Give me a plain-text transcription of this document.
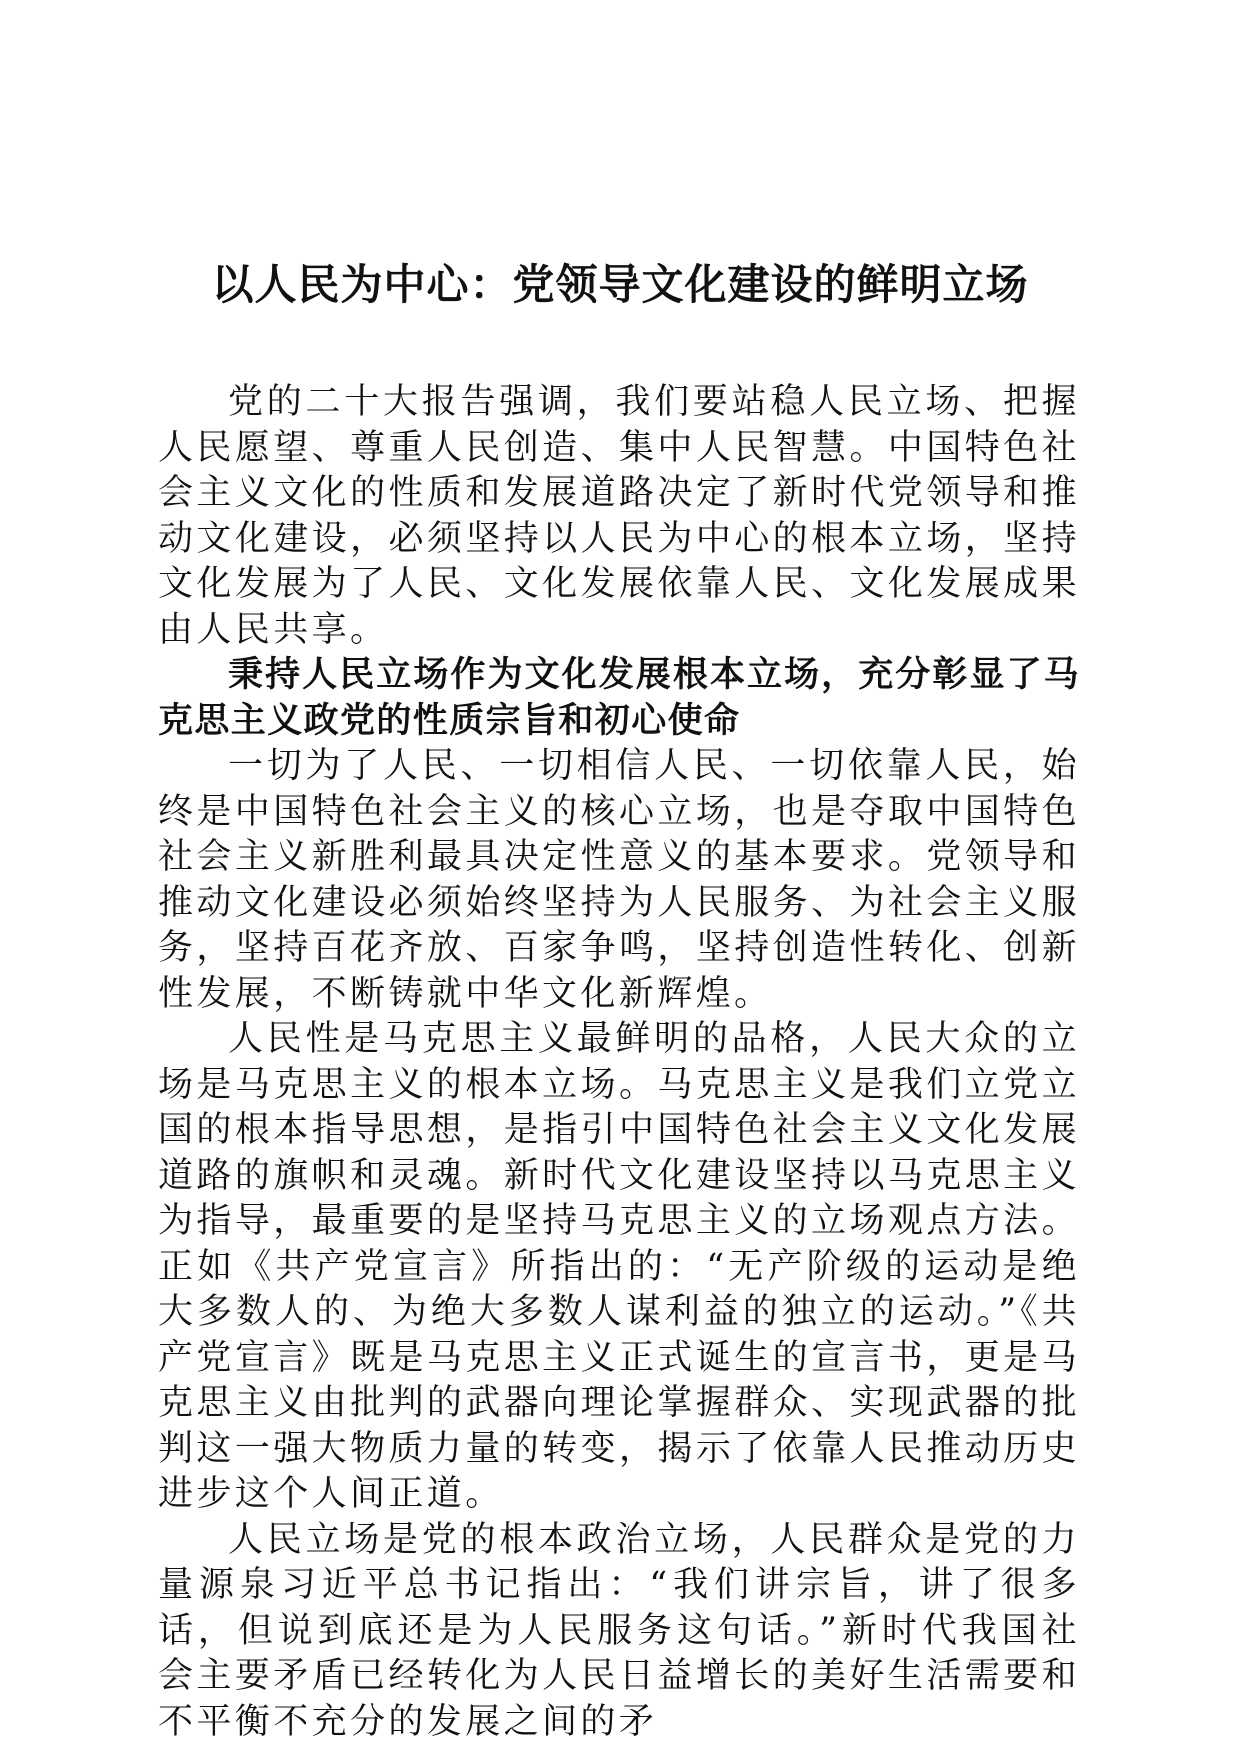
以人民为中心：党领导文化建设的鲜明立场

党的二十大报告强调，我们要站稳人民立场、把握人民愿望、尊重人民创造、集中人民智慧。中国特色社会主义文化的性质和发展道路决定了新时代党领导和推动文化建设，必须坚持以人民为中心的根本立场，坚持文化发展为了人民、文化发展依靠人民、文化发展成果由人民共享。

秉持人民立场作为文化发展根本立场，充分彰显了马克思主义政党的性质宗旨和初心使命

一切为了人民、一切相信人民、一切依靠人民，始终是中国特色社会主义的核心立场，也是夺取中国特色社会主义新胜利最具决定性意义的基本要求。党领导和推动文化建设必须始终坚持为人民服务、为社会主义服务，坚持百花齐放、百家争鸣，坚持创造性转化、创新性发展，不断铸就中华文化新辉煌。

人民性是马克思主义最鲜明的品格，人民大众的立场是马克思主义的根本立场。马克思主义是我们立党立国的根本指导思想，是指引中国特色社会主义文化发展道路的旗帜和灵魂。新时代文化建设坚持以马克思主义为指导，最重要的是坚持马克思主义的立场观点方法。正如《共产党宣言》所指出的：“无产阶级的运动是绝大多数人的、为绝大多数人谋利益的独立的运动。”《共产党宣言》既是马克思主义正式诞生的宣言书，更是马克思主义由批判的武器向理论掌握群众、实现武器的批判这一强大物质力量的转变，揭示了依靠人民推动历史进步这个人间正道。

人民立场是党的根本政治立场，人民群众是党的力量源泉习近平总书记指出：“我们讲宗旨，讲了很多话，但说到底还是为人民服务这句话。”新时代我国社会主要矛盾已经转化为人民日益增长的美好生活需要和不平衡不充分的发展之间的矛
